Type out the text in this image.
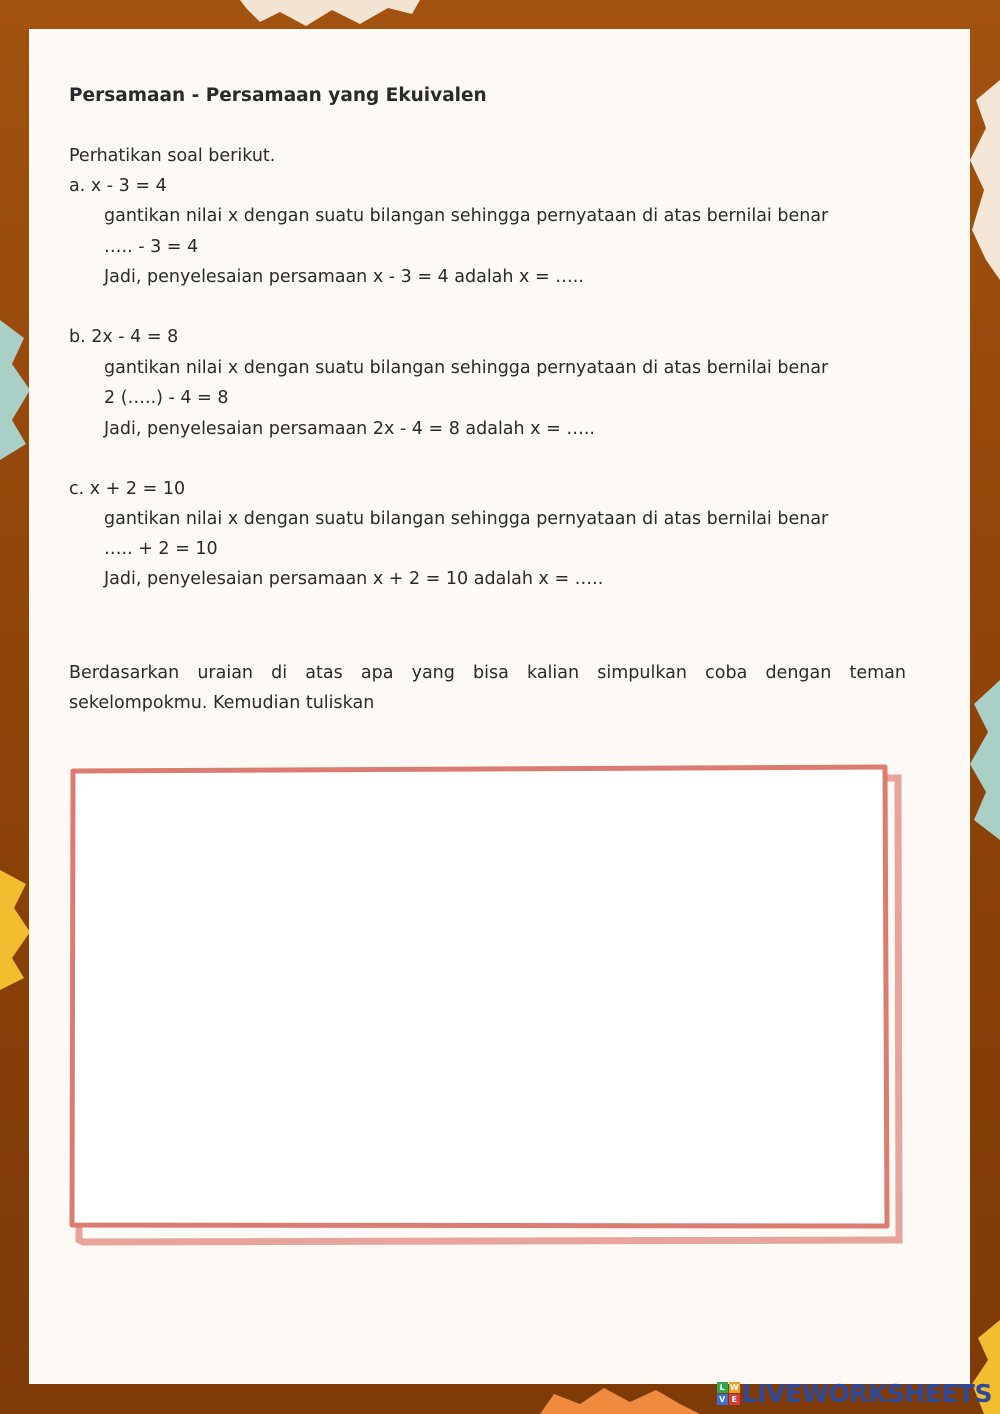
Persamaan - Persamaan yang Ekuivalen
Perhatikan soal berikut.
a. x - 3 = 4
gantikan nilai x dengan suatu bilangan sehingga pernyataan di atas bernilai benar
….. - 3 = 4
Jadi, penyelesaian persamaan x - 3 = 4 adalah x = …..
b. 2x - 4 = 8
gantikan nilai x dengan suatu bilangan sehingga pernyataan di atas bernilai benar
2 (…..) - 4 = 8
Jadi, penyelesaian persamaan 2x - 4 = 8 adalah x = …..
c. x + 2 = 10
gantikan nilai x dengan suatu bilangan sehingga pernyataan di atas bernilai benar
….. + 2 = 10
Jadi, penyelesaian persamaan x + 2 = 10 adalah x = …..
Berdasarkan uraian di atas apa yang bisa kalian simpulkan coba dengan teman sekelompokmu. Kemudian tuliskan
L W
V E LIVEWORKSHEETS
